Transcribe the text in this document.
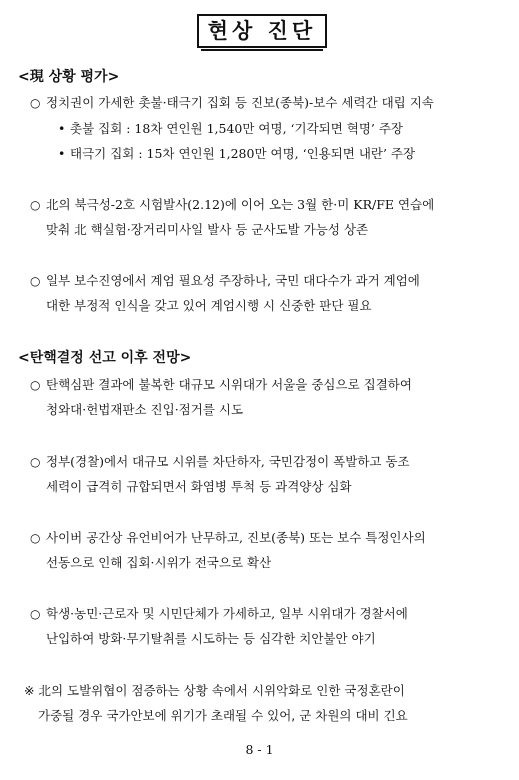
현상 진단
<現 상황 평가>
○ 정치권이 가세한 촛불·태극기 집회 등 진보(종북)-보수 세력간 대립 지속
• 촛불 집회 : 18차 연인원 1,540만 여명, ‘기각되면 혁명’ 주장
• 태극기 집회 : 15차 연인원 1,280만 여명, ‘인용되면 내란’ 주장
○ 北의 북극성-2호 시험발사(2.12)에 이어 오는 3월 한·미 KR/FE 연습에
맞춰 北 핵실험·장거리미사일 발사 등 군사도발 가능성 상존
○ 일부 보수진영에서 계엄 필요성 주장하나, 국민 대다수가 과거 계엄에
대한 부정적 인식을 갖고 있어 계엄시행 시 신중한 판단 필요
<탄핵결정 선고 이후 전망>
○ 탄핵심판 결과에 불복한 대규모 시위대가 서울을 중심으로 집결하여
청와대·헌법재판소 진입·점거를 시도
○ 정부(경찰)에서 대규모 시위를 차단하자, 국민감정이 폭발하고 동조
세력이 급격히 규합되면서 화염병 투척 등 과격양상 심화
○ 사이버 공간상 유언비어가 난무하고, 진보(종북) 또는 보수 특정인사의
선동으로 인해 집회·시위가 전국으로 확산
○ 학생·농민·근로자 및 시민단체가 가세하고, 일부 시위대가 경찰서에
난입하여 방화·무기탈취를 시도하는 등 심각한 치안불안 야기
※ 北의 도발위협이 점증하는 상황 속에서 시위악화로 인한 국정혼란이
가중될 경우 국가안보에 위기가 초래될 수 있어, 군 차원의 대비 긴요
8 - 1
